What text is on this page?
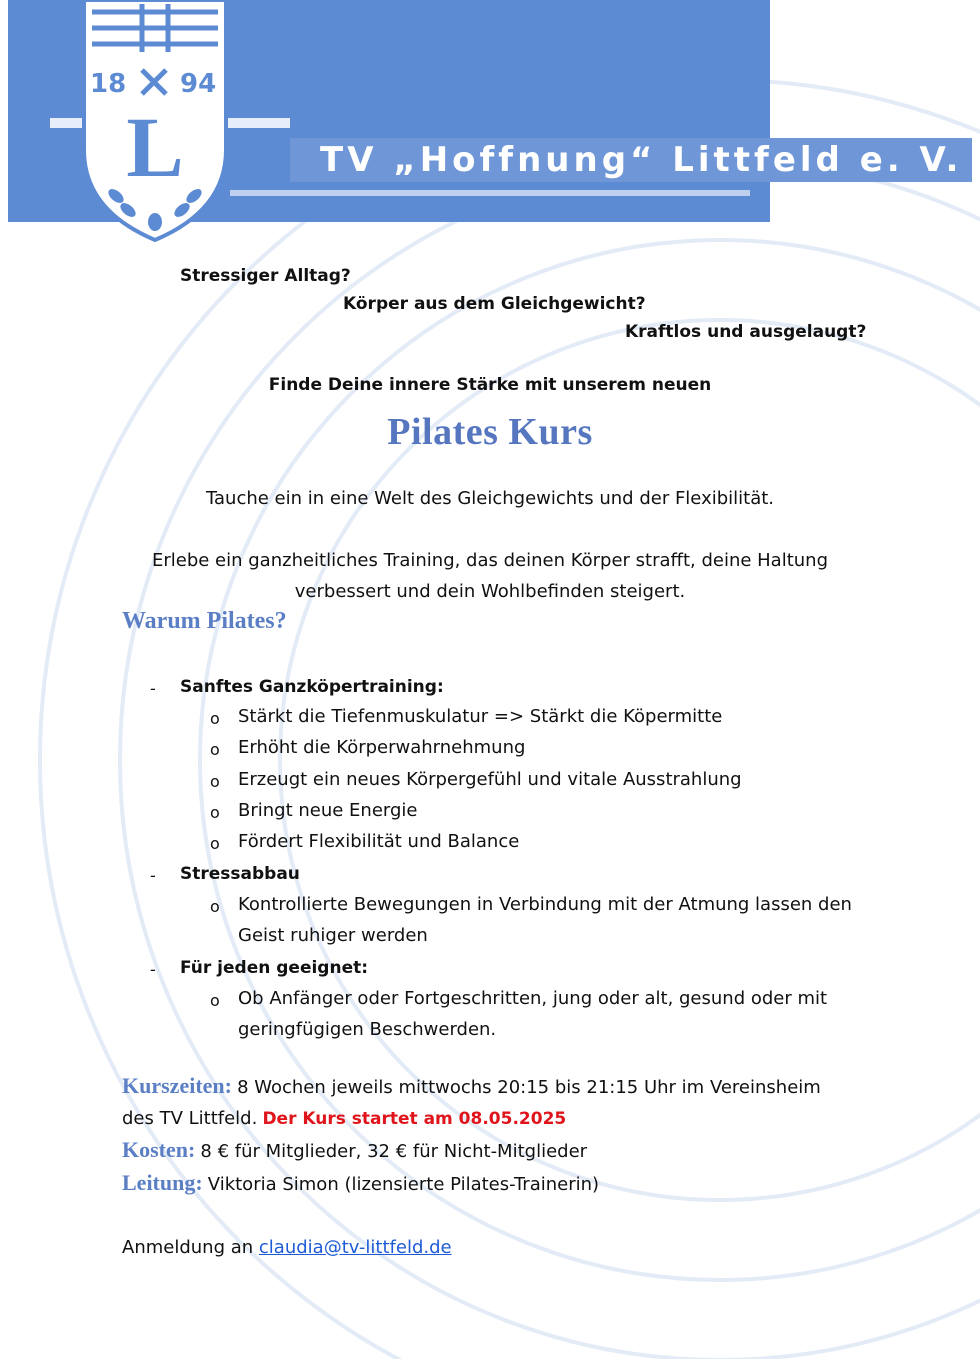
TV „Hoffnung“ Littfeld e. V.
18 94
L
Stressiger Alltag?
Körper aus dem Gleichgewicht?
Kraftlos und ausgelaugt?
Finde Deine innere Stärke mit unserem neuen
Pilates Kurs
Tauche ein in eine Welt des Gleichgewichts und der Flexibilität.
Erlebe ein ganzheitliches Training, das deinen Körper strafft, deine Haltung
verbessert und dein Wohlbefinden steigert.
Warum Pilates?
- Sanftes Ganzköpertraining:
o Stärkt die Tiefenmuskulatur => Stärkt die Köpermitte
o Erhöht die Körperwahrnehmung
o Erzeugt ein neues Körpergefühl und vitale Ausstrahlung
o Bringt neue Energie
o Fördert Flexibilität und Balance
- Stressabbau
o Kontrollierte Bewegungen in Verbindung mit der Atmung lassen den
Geist ruhiger werden
- Für jeden geeignet:
o Ob Anfänger oder Fortgeschritten, jung oder alt, gesund oder mit
geringfügigen Beschwerden.
Kurszeiten: 8 Wochen jeweils mittwochs 20:15 bis 21:15 Uhr im Vereinsheim
des TV Littfeld. Der Kurs startet am 08.05.2025
Kosten: 8 € für Mitglieder, 32 € für Nicht-Mitglieder
Leitung: Viktoria Simon (lizensierte Pilates-Trainerin)
Anmeldung an claudia@tv-littfeld.de
